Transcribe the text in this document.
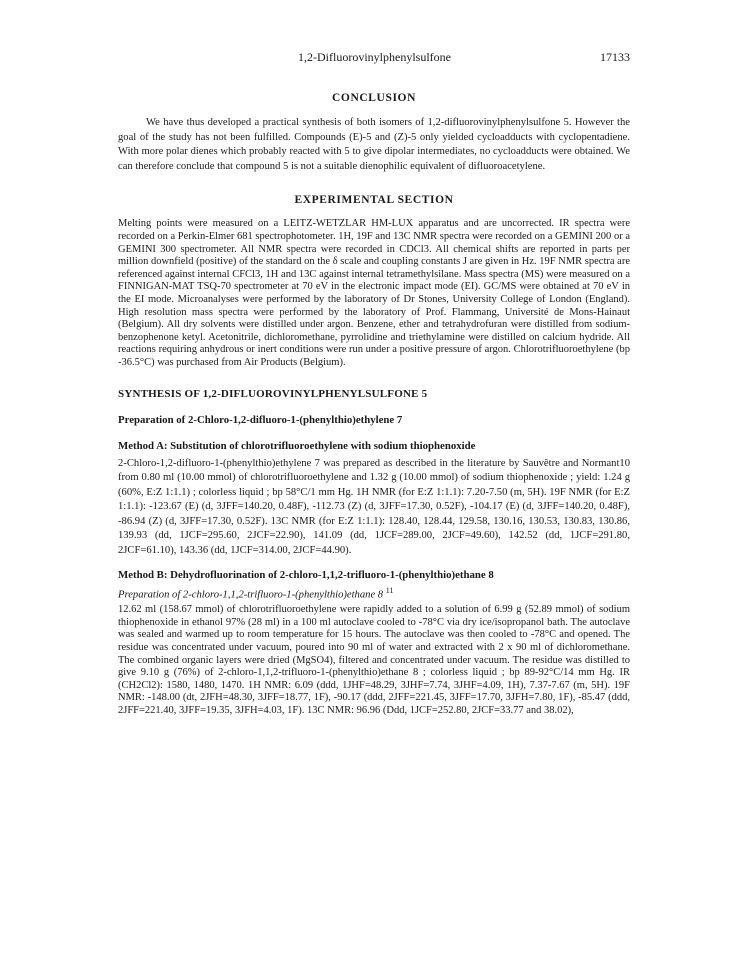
1,2-Difluorovinylphenylsulfone	17133
CONCLUSION

We have thus developed a practical synthesis of both isomers of 1,2-difluorovinylphenylsulfone 5. However the goal of the study has not been fulfilled. Compounds (E)-5 and (Z)-5 only yielded cycloadducts with cyclopentadiene. With more polar dienes which probably reacted with 5 to give dipolar intermediates, no cycloadducts were obtained. We can therefore conclude that compound 5 is not a suitable dienophilic equivalent of difluoroacetylene.

EXPERIMENTAL SECTION

Melting points were measured on a LEITZ-WETZLAR HM-LUX apparatus and are uncorrected. IR spectra were recorded on a Perkin-Elmer 681 spectrophotometer. 1H, 19F and 13C NMR spectra were recorded on a GEMINI 200 or a GEMINI 300 spectrometer. All NMR spectra were recorded in CDCl3. All chemical shifts are reported in parts per million downfield (positive) of the standard on the δ scale and coupling constants J are given in Hz. 19F NMR spectra are referenced against internal CFCl3, 1H and 13C against internal tetramethylsilane. Mass spectra (MS) were measured on a FINNIGAN-MAT TSQ-70 spectrometer at 70 eV in the electronic impact mode (EI). GC/MS were obtained at 70 eV in the EI mode. Microanalyses were performed by the laboratory of Dr Stones, University College of London (England). High resolution mass spectra were performed by the laboratory of Prof. Flammang, Université de Mons-Hainaut (Belgium). All dry solvents were distilled under argon. Benzene, ether and tetrahydrofuran were distilled from sodium-benzophenone ketyl. Acetonitrile, dichloromethane, pyrrolidine and triethylamine were distilled on calcium hydride. All reactions requiring anhydrous or inert conditions were run under a positive pressure of argon. Chlorotrifluoroethylene (bp -36.5°C) was purchased from Air Products (Belgium).

SYNTHESIS OF 1,2-DIFLUOROVINYLPHENYLSULFONE 5
Preparation of 2-Chloro-1,2-difluoro-1-(phenylthio)ethylene 7
Method A: Substitution of chlorotrifluoroethylene with sodium thiophenoxide

2-Chloro-1,2-difluoro-1-(phenylthio)ethylene 7 was prepared as described in the literature by Sauvêtre and Normant10 from 0.80 ml (10.00 mmol) of chlorotrifluoroethylene and 1.32 g (10.00 mmol) of sodium thiophenoxide ; yield: 1.24 g (60%, E:Z 1:1.1) ; colorless liquid ; bp 58°C/1 mm Hg. 1H NMR (for E:Z 1:1.1): 7.20-7.50 (m, 5H). 19F NMR (for E:Z 1:1.1): -123.67 (E) (d, 3JFF=140.20, 0.48F), -112.73 (Z) (d, 3JFF=17.30, 0.52F), -104.17 (E) (d, 3JFF=140.20, 0.48F), -86.94 (Z) (d, 3JFF=17.30, 0.52F). 13C NMR (for E:Z 1:1.1): 128.40, 128.44, 129.58, 130.16, 130.53, 130.83, 130.86, 139.93 (dd, 1JCF=295.60, 2JCF=22.90), 141.09 (dd, 1JCF=289.00, 2JCF=49.60), 142.52 (dd, 1JCF=291.80, 2JCF=61.10), 143.36 (dd, 1JCF=314.00, 2JCF=44.90).

Method B: Dehydrofluorination of 2-chloro-1,1,2-trifluoro-1-(phenylthio)ethane 8
Preparation of 2-chloro-1,1,2-trifluoro-1-(phenylthio)ethane 8 $^{11}$

12.62 ml (158.67 mmol) of chlorotrifluoroethylene were rapidly added to a solution of 6.99 g (52.89 mmol) of sodium thiophenoxide in ethanol 97% (28 ml) in a 100 ml autoclave cooled to -78°C via dry ice/isopropanol bath. The autoclave was sealed and warmed up to room temperature for 15 hours. The autoclave was then cooled to -78°C and opened. The residue was concentrated under vacuum, poured into 90 ml of water and extracted with 2 x 90 ml of dichloromethane. The combined organic layers were dried (MgSO4), filtered and concentrated under vacuum. The residue was distilled to give 9.10 g (76%) of 2-chloro-1,1,2-trifluoro-1-(phenylthio)ethane 8 ; colorless liquid ; bp 89-92°C/14 mm Hg. IR (CH2Cl2): 1580, 1480, 1470. 1H NMR: 6.09 (ddd, 1JHF=48.29, 3JHF=7.74, 3JHF=4.09, 1H), 7.37-7.67 (m, 5H). 19F NMR: -148.00 (dt, 2JFH=48.30, 3JFF=18.77, 1F), -90.17 (ddd, 2JFF=221.45, 3JFF=17.70, 3JFH=7.80, 1F), -85.47 (ddd, 2JFF=221.40, 3JFF=19.35, 3JFH=4.03, 1F). 13C NMR: 96.96 (Ddd, 1JCF=252.80, 2JCF=33.77 and 38.02),
